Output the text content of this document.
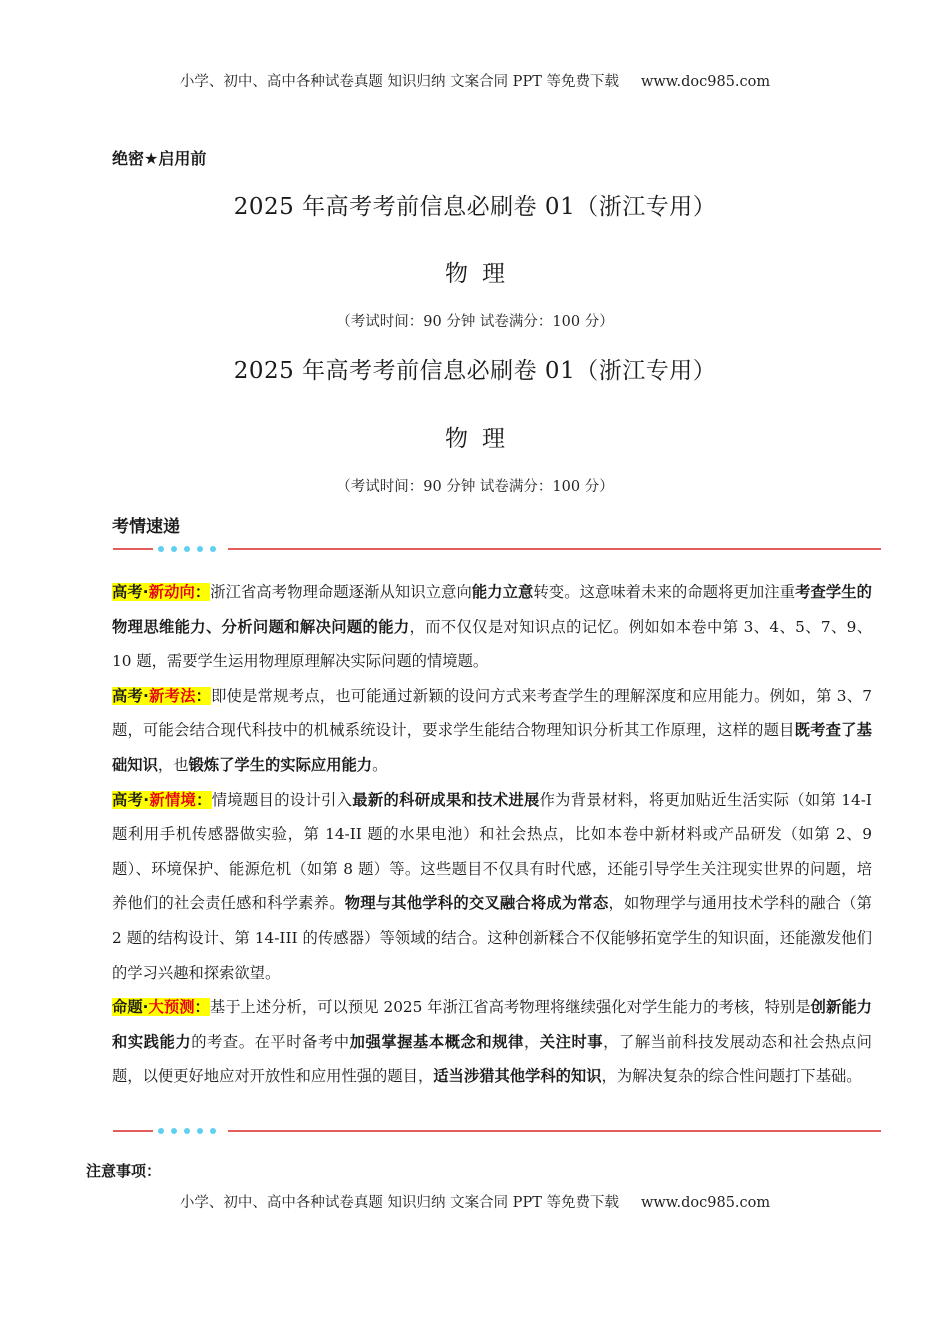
小学、初中、高中各种试卷真题 知识归纳 文案合同 PPT 等免费下载 www.doc985.com
绝密★启用前
2025 年高考考前信息必刷卷 01（浙江专用）
物理
（考试时间：90 分钟 试卷满分：100 分）
2025 年高考考前信息必刷卷 01（浙江专用）
物理
（考试时间：90 分钟 试卷满分：100 分）
考情速递

高考·新动向：浙江省高考物理命题逐渐从知识立意向能力立意转变。这意味着未来的命题将更加注重考查学生的物理思维能力、分析问题和解决问题的能力，而不仅仅是对知识点的记忆。例如如本卷中第 3、4、5、7、9、10 题，需要学生运用物理原理解决实际问题的情境题。

高考·新考法：即使是常规考点，也可能通过新颖的设问方式来考查学生的理解深度和应用能力。例如，第 3、7 题，可能会结合现代科技中的机械系统设计，要求学生能结合物理知识分析其工作原理，这样的题目既考查了基础知识，也锻炼了学生的实际应用能力。

高考·新情境：情境题目的设计引入最新的科研成果和技术进展作为背景材料，将更加贴近生活实际（如第 14-I 题利用手机传感器做实验，第 14-II 题的水果电池）和社会热点，比如本卷中新材料或产品研发（如第 2、9 题）、环境保护、能源危机（如第 8 题）等。这些题目不仅具有时代感，还能引导学生关注现实世界的问题，培养他们的社会责任感和科学素养。物理与其他学科的交叉融合将成为常态，如物理学与通用技术学科的融合（第 2 题的结构设计、第 14-III 的传感器）等领域的结合。这种创新糅合不仅能够拓宽学生的知识面，还能激发他们的学习兴趣和探索欲望。

命题·大预测：基于上述分析，可以预见 2025 年浙江省高考物理将继续强化对学生能力的考核，特别是创新能力和实践能力的考查。在平时备考中加强掌握基本概念和规律，关注时事，了解当前科技发展动态和社会热点问题，以便更好地应对开放性和应用性强的题目，适当涉猎其他学科的知识，为解决复杂的综合性问题打下基础。

注意事项：
小学、初中、高中各种试卷真题 知识归纳 文案合同 PPT 等免费下载 www.doc985.com
